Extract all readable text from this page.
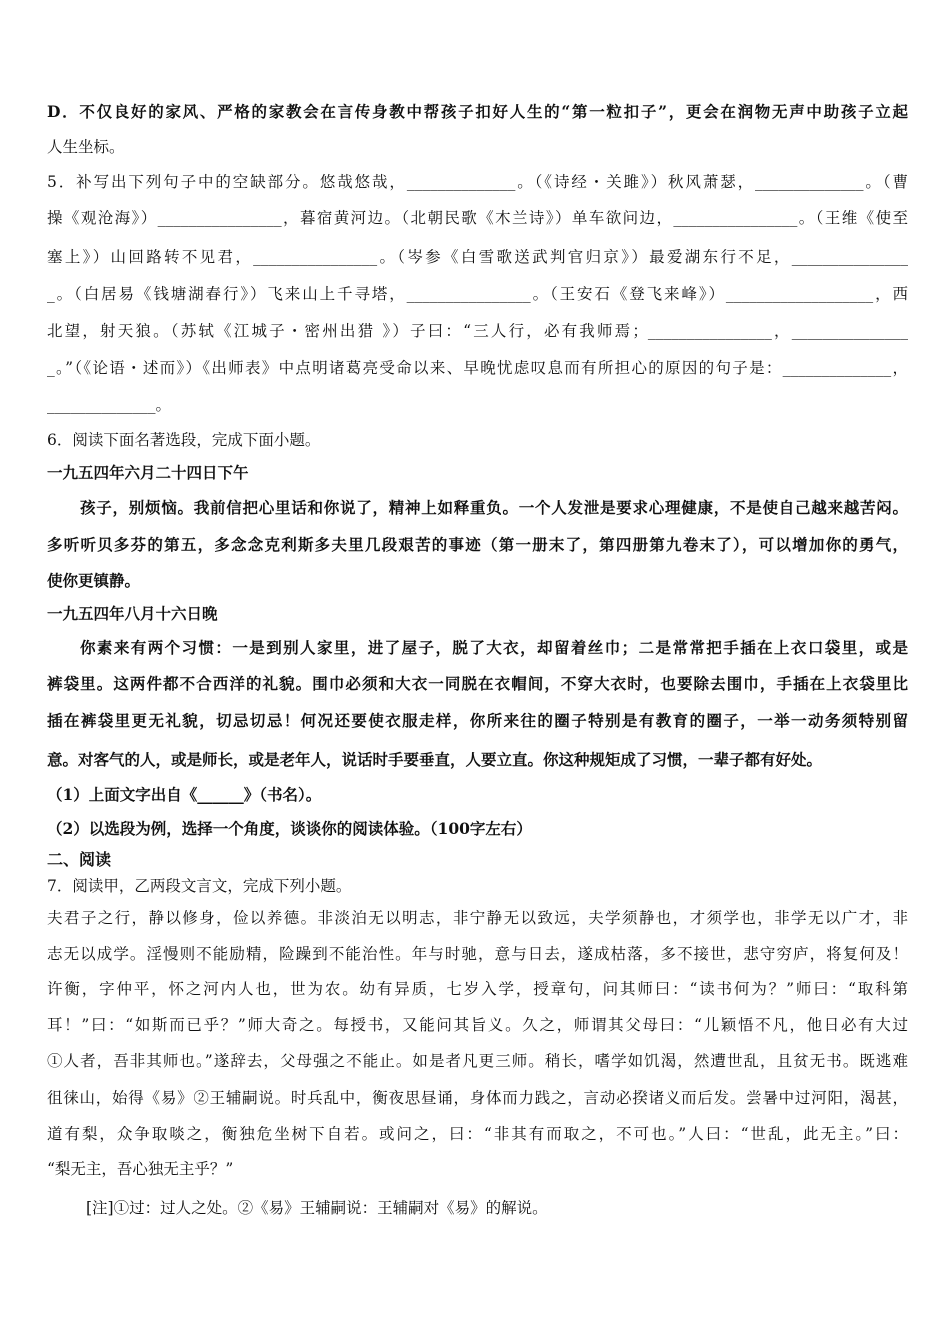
D．不仅良好的家风、严格的家教会在言传身教中帮孩子扣好人生的“第一粒扣子”，更会在润物无声中助孩子立起
人生坐标。
5．补写出下列句子中的空缺部分。悠哉悠哉，______________。（《诗经・关雎》）秋风萧瑟，______________。（曹
操《观沧海》）________________，暮宿黄河边。（北朝民歌《木兰诗》）单车欲问边，________________。（王维《使至
塞上》）山回路转不见君，________________。（岑参《白雪歌送武判官归京》）最爱湖东行不足，_______________
_。（白居易《钱塘湖春行》）飞来山上千寻塔，________________。（王安石《登飞来峰》）___________________，西
北望，射天狼。（苏轼《江城子・密州出猎 》）子曰：“三人行，必有我师焉；________________，_______________
_。”（《论语・述而》）《出师表》中点明诸葛亮受命以来、早晚忧虑叹息而有所担心的原因的句子是：______________，
______________。
6．阅读下面名著选段，完成下面小题。
一九五四年六月二十四日下午
孩子，别烦恼。我前信把心里话和你说了，精神上如释重负。一个人发泄是要求心理健康，不是使自己越来越苦闷。
多听听贝多芬的第五，多念念克利斯多夫里几段艰苦的事迹（第一册末了，第四册第九卷末了），可以增加你的勇气，
使你更镇静。
一九五四年八月十六日晚
你素来有两个习惯：一是到别人家里，进了屋子，脱了大衣，却留着丝巾；二是常常把手插在上衣口袋里，或是
裤袋里。这两件都不合西洋的礼貌。围巾必须和大衣一同脱在衣帽间，不穿大衣时，也要除去围巾，手插在上衣袋里比
插在裤袋里更无礼貌，切忌切忌！何况还要使衣服走样，你所来往的圈子特别是有教育的圈子，一举一动务须特别留
意。对客气的人，或是师长，或是老年人，说话时手要垂直，人要立直。你这种规矩成了习惯，一辈子都有好处。
（1）上面文字出自《______》（书名）。
（2）以选段为例，选择一个角度，谈谈你的阅读体验。（100字左右）
二、阅读
7．阅读甲，乙两段文言文，完成下列小题。
夫君子之行，静以修身，俭以养德。非淡泊无以明志，非宁静无以致远，夫学须静也，才须学也，非学无以广才，非
志无以成学。淫慢则不能励精，险躁到不能治性。年与时驰，意与日去，遂成枯落，多不接世，悲守穷庐，将复何及！
许衡，字仲平，怀之河内人也，世为农。幼有异质，七岁入学，授章句，问其师曰：“读书何为？”师曰：“取科第
耳！”曰：“如斯而已乎？”师大奇之。每授书，又能问其旨义。久之，师谓其父母曰：“儿颖悟不凡，他日必有大过
①人者，吾非其师也。”遂辞去，父母强之不能止。如是者凡更三师。稍长，嗜学如饥渴，然遭世乱，且贫无书。既逃难
徂徕山，始得《易》②王辅嗣说。时兵乱中，衡夜思昼诵，身体而力践之，言动必揆诸义而后发。尝暑中过河阳，渴甚，
道有梨，众争取啖之，衡独危坐树下自若。或问之，曰：“非其有而取之，不可也。”人曰：“世乱，此无主。”曰：
“梨无主，吾心独无主乎？”
[注]①过：过人之处。②《易》王辅嗣说：王辅嗣对《易》的解说。
